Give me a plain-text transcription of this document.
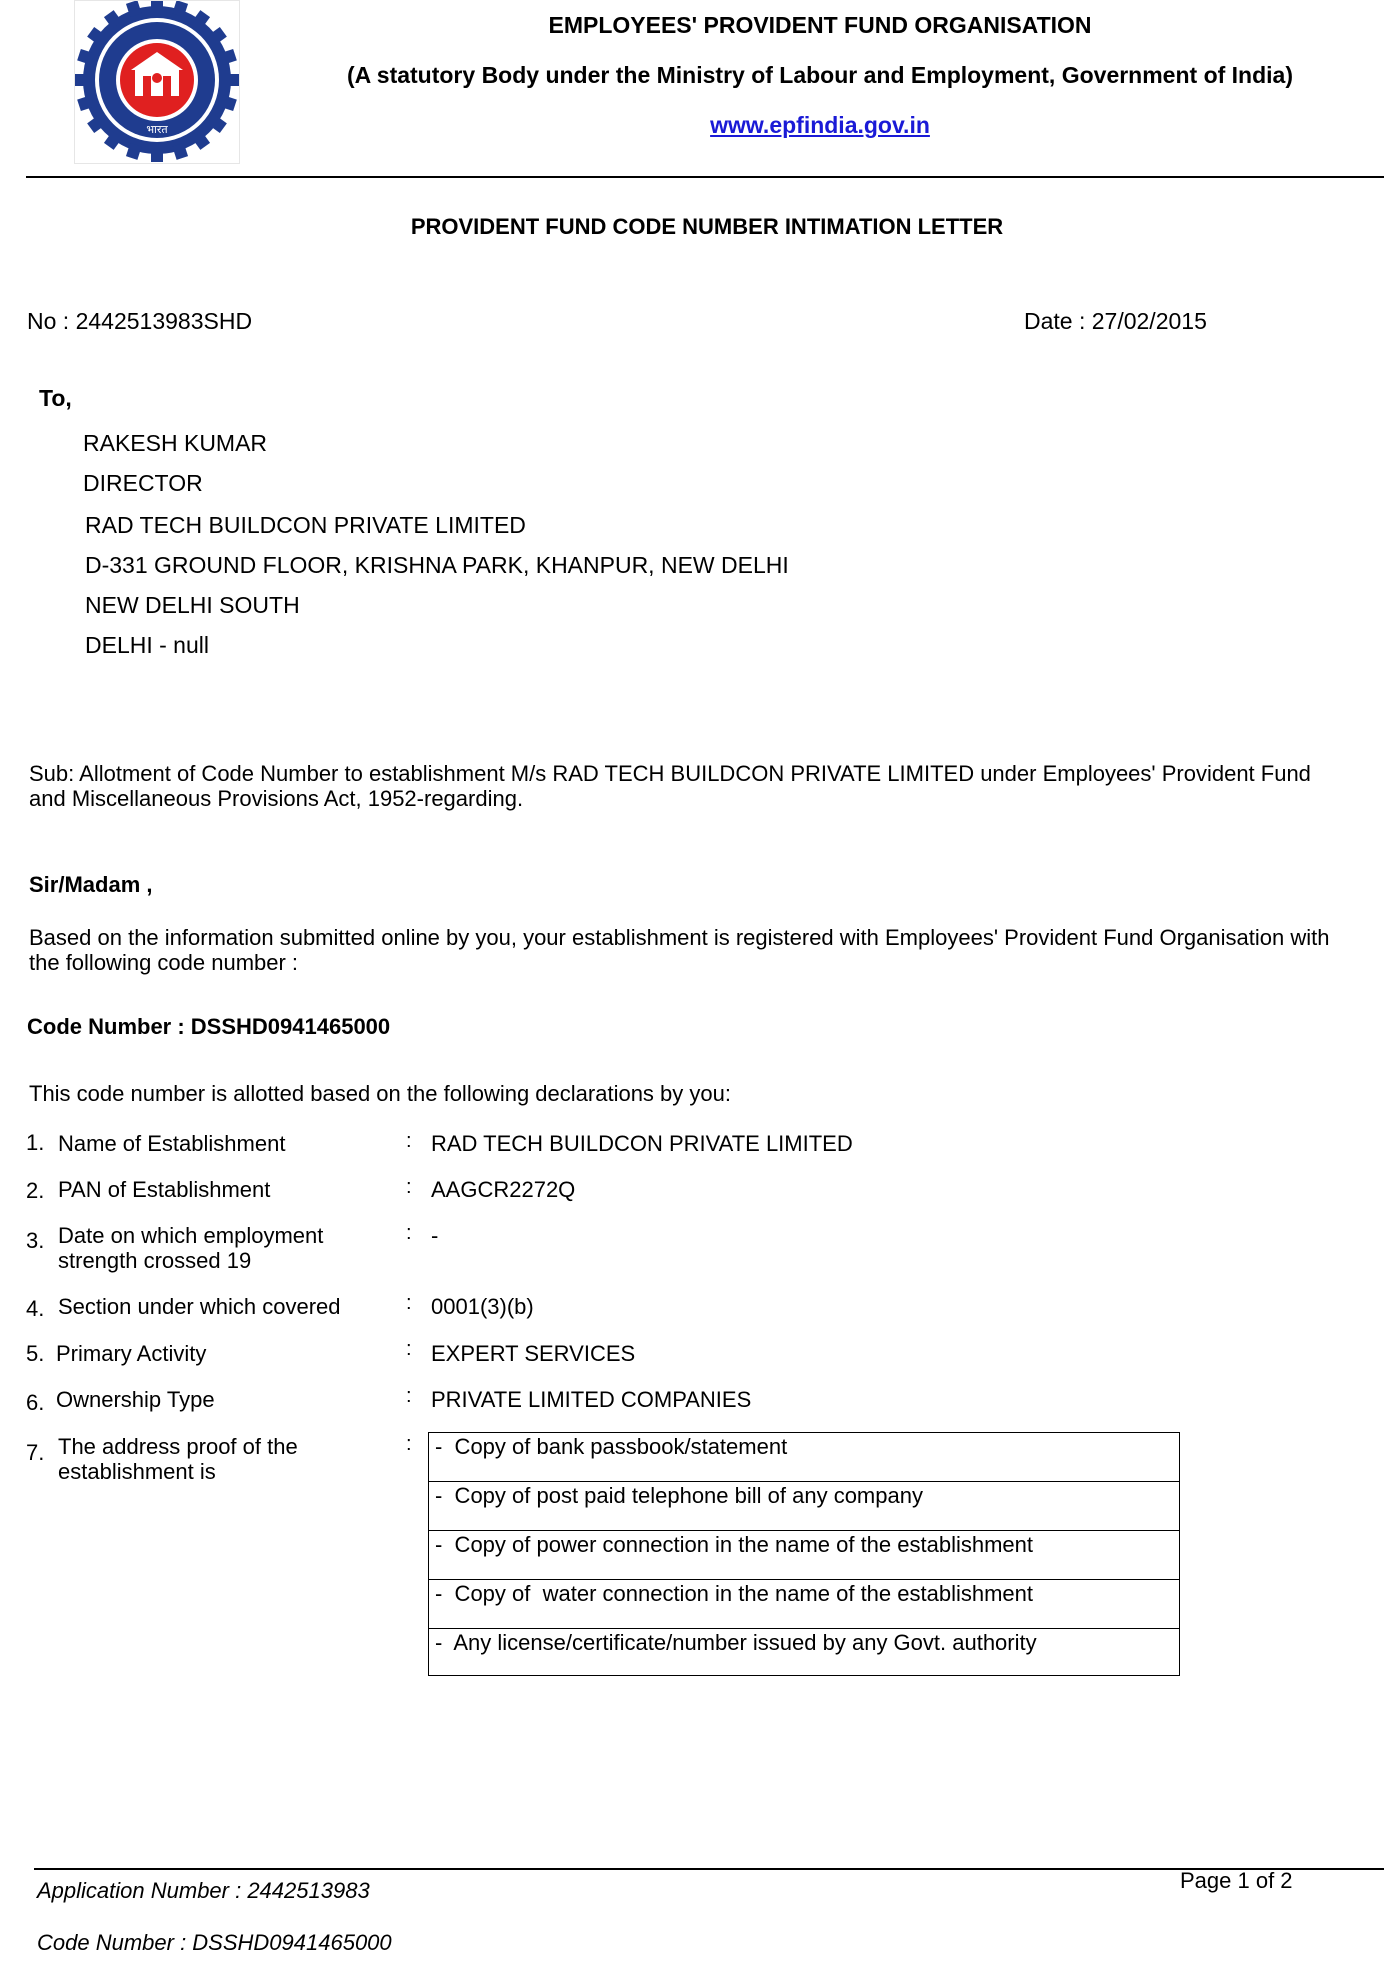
भारत
EMPLOYEES' PROVIDENT FUND ORGANISATION
(A statutory Body under the Ministry of Labour and Employment, Government of India)
www.epfindia.gov.in
PROVIDENT FUND CODE NUMBER INTIMATION LETTER
No : 2442513983SHD	Date : 27/02/2015
To,
RAKESH KUMAR
DIRECTOR
RAD TECH BUILDCON PRIVATE LIMITED
D-331 GROUND FLOOR, KRISHNA PARK, KHANPUR, NEW DELHI
NEW DELHI SOUTH
DELHI - null
Sub: Allotment of Code Number to establishment M/s RAD TECH BUILDCON PRIVATE LIMITED under Employees' Provident Fund and Miscellaneous Provisions Act, 1952-regarding.
Sir/Madam ,
Based on the information submitted online by you, your establishment is registered with Employees' Provident Fund Organisation with the following code number :
Code Number : DSSHD0941465000
This code number is allotted based on the following declarations by you:
1. Name of Establishment	: RAD TECH BUILDCON PRIVATE LIMITED
2. PAN of Establishment	: AAGCR2272Q
3. Date on which employment strength crossed 19
: -
4. Section under which covered	: 0001(3)(b)
5. Primary Activity	: EXPERT SERVICES
6. Ownership Type	: PRIVATE LIMITED COMPANIES
7. The address proof of the establishment is
: -  Copy of bank passbook/statement
-  Copy of post paid telephone bill of any company
-  Copy of power connection in the name of the establishment
-  Copy of  water connection in the name of the establishment
-  Any license/certificate/number issued by any Govt. authority
Application Number : 2442513983	Page 1 of 2
Code Number : DSSHD0941465000
